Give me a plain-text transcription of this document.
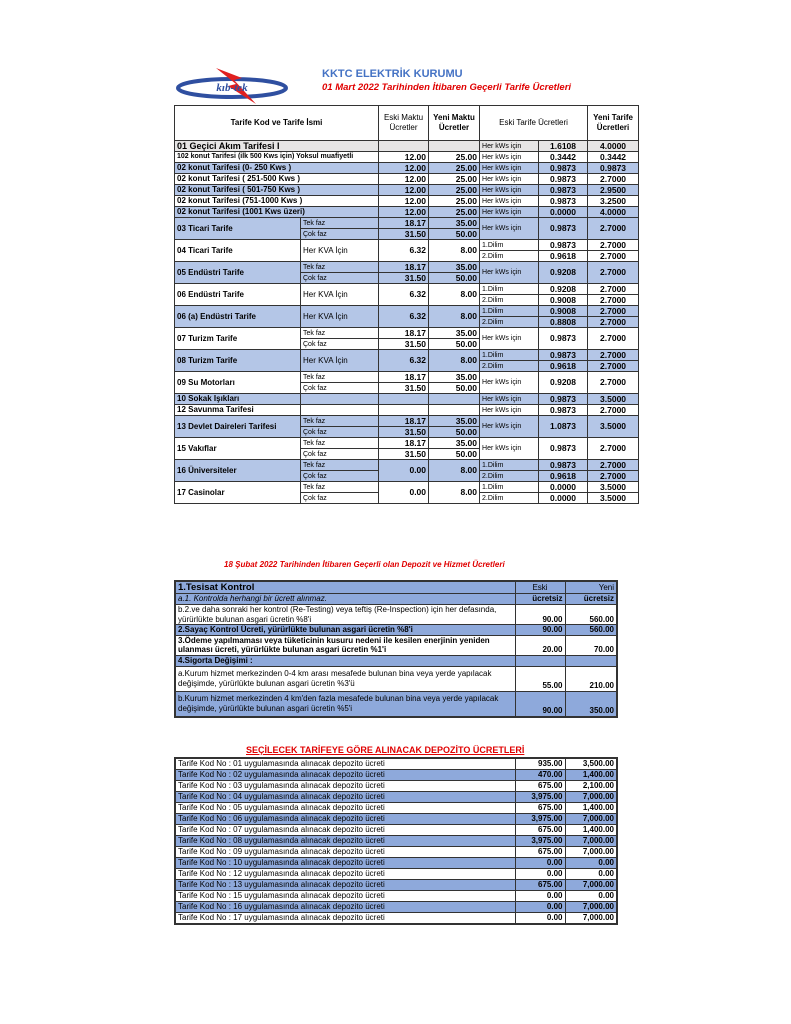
kıb-tek
KKTC ELEKTRİK KURUMU
01 Mart 2022 Tarihinden İtibaren Geçerli Tarife Ücretleri
Tarife Kod ve Tarife İsmi		Eski Maktu Ücretler	Yeni Maktu Ücretler	Eski Tarife Ücretleri		Yeni Tarife Ücretleri
01 Geçici Akım Tarifesi I				Her kWs için	1.6108	4.0000
102 konut Tarifesi (ilk 500 Kws için) Yoksul muafiyetli		12.00	25.00	Her kWs için	0.3442	0.3442
02 konut Tarifesi (0- 250 Kws )		12.00	25.00	Her kWs için	0.9873	0.9873
02 konut Tarifesi ( 251-500 Kws )		12.00	25.00	Her kWs için	0.9873	2.7000
02 konut Tarifesi ( 501-750 Kws )		12.00	25.00	Her kWs için	0.9873	2.9500
02 konut Tarifesi (751-1000 Kws )		12.00	25.00	Her kWs için	0.9873	3.2500
02 konut Tarifesi (1001 Kws üzeri)		12.00	25.00	Her kWs için	0.0000	4.0000
03 Ticari Tarife	Tek faz	18.17	35.00	Her kWs için	0.9873	2.7000
	Çok faz	31.50	50.00			
04 Ticari Tarife	Her KVA İçin	6.32	8.00	1.Dilim	0.9873	2.7000
				2.Dilim	0.9618	2.7000
05 Endüstri Tarife	Tek faz	18.17	35.00	Her kWs için	0.9208	2.7000
	Çok faz	31.50	50.00			
06 Endüstri Tarife	Her KVA İçin	6.32	8.00	1.Dilim	0.9208	2.7000
				2.Dilim	0.9008	2.7000
06 (a) Endüstri Tarife	Her KVA İçin	6.32	8.00	1.Dilim	0.9008	2.7000
				2.Dilim	0.8808	2.7000
07 Turizm Tarife	Tek faz	18.17	35.00	Her kWs için	0.9873	2.7000
	Çok faz	31.50	50.00			
08 Turizm Tarife	Her KVA İçin	6.32	8.00	1.Dilim	0.9873	2.7000
				2.Dilim	0.9618	2.7000
09 Su Motorları	Tek faz	18.17	35.00	Her kWs için	0.9208	2.7000
	Çok faz	31.50	50.00			
10 Sokak Işıkları				Her kWs için	0.9873	3.5000
12 Savunma Tarifesi				Her kWs için	0.9873	2.7000
13 Devlet Daireleri Tarifesi	Tek faz	18.17	35.00	Her kWs için	1.0873	3.5000
	Çok faz	31.50	50.00			
15 Vakıflar	Tek faz	18.17	35.00	Her kWs için	0.9873	2.7000
	Çok faz	31.50	50.00			
16 Üniversiteler	Tek faz	0.00	8.00	1.Dilim	0.9873	2.7000
	Çok faz			2.Dilim	0.9618	2.7000
17 Casinolar	Tek faz	0.00	8.00	1.Dilim	0.0000	3.5000
	Çok faz			2.Dilim	0.0000	3.5000
18 Şubat 2022 Tarihinden İtibaren Geçerli olan Depozit ve Hizmet Ücretleri
1.Tesisat Kontrol	Eski	Yeni
a.1. Kontrolda herhangi bir ücrett alınmaz.	ücretsiz	ücretsiz
b.2.ve daha sonraki her kontrol (Re-Testing) veya teftiş (Re-Inspection) için her defasında, yürürlükte bulunan asgari ücretin %8'i	90.00	560.00
2.Sayaç Kontrol Ücreti, yürürlükte bulunan asgari ücretin %8'i	90.00	560.00
3.Ödeme yapılmaması veya tüketicinin kusuru nedeni ile kesilen enerjinin yeniden ulanması ücreti, yürürlükte bulunan asgari ücretin %1'i	20.00	70.00
4.Sigorta Değişimi :		
a.Kurum hizmet merkezinden 0-4 km arası mesafede bulunan bina veya yerde yapılacak değişimde, yürürlükte bulunan asgari ücretin %3'ü	55.00	210.00
b.Kurum hizmet merkezinden 4 km'den fazla mesafede bulunan bina veya yerde yapılacak değişimde, yürürlükte bulunan asgari ücretin %5'i	90.00	350.00
SEÇİLECEK TARİFEYE GÖRE ALINACAK DEPOZİTO ÜCRETLERİ
Tarife Kod No : 01 uygulamasında alınacak depozito ücreti	935.00	3,500.00
Tarife Kod No : 02 uygulamasında alınacak depozito ücreti	470.00	1,400.00
Tarife Kod No : 03 uygulamasında alınacak depozito ücreti	675.00	2,100.00
Tarife Kod No : 04 uygulamasında alınacak depozito ücreti	3,975.00	7,000.00
Tarife Kod No : 05 uygulamasında alınacak depozito ücreti	675.00	1,400.00
Tarife Kod No : 06 uygulamasında alınacak depozito ücreti	3,975.00	7,000.00
Tarife Kod No : 07 uygulamasında alınacak depozito ücreti	675.00	1,400.00
Tarife Kod No : 08 uygulamasında alınacak depozito ücreti	3,975.00	7,000.00
Tarife Kod No : 09 uygulamasında alınacak depozito ücreti	675.00	7,000.00
Tarife Kod No : 10 uygulamasında alınacak depozito ücreti	0.00	0.00
Tarife Kod No : 12 uygulamasında alınacak depozito ücreti	0.00	0.00
Tarife Kod No : 13 uygulamasında alınacak depozito ücreti	675.00	7,000.00
Tarife Kod No : 15 uygulamasında alınacak depozito ücreti	0.00	0.00
Tarife Kod No : 16 uygulamasında alınacak depozito ücreti	0.00	7,000.00
Tarife Kod No : 17 uygulamasında alınacak depozito ücreti	0.00	7,000.00
